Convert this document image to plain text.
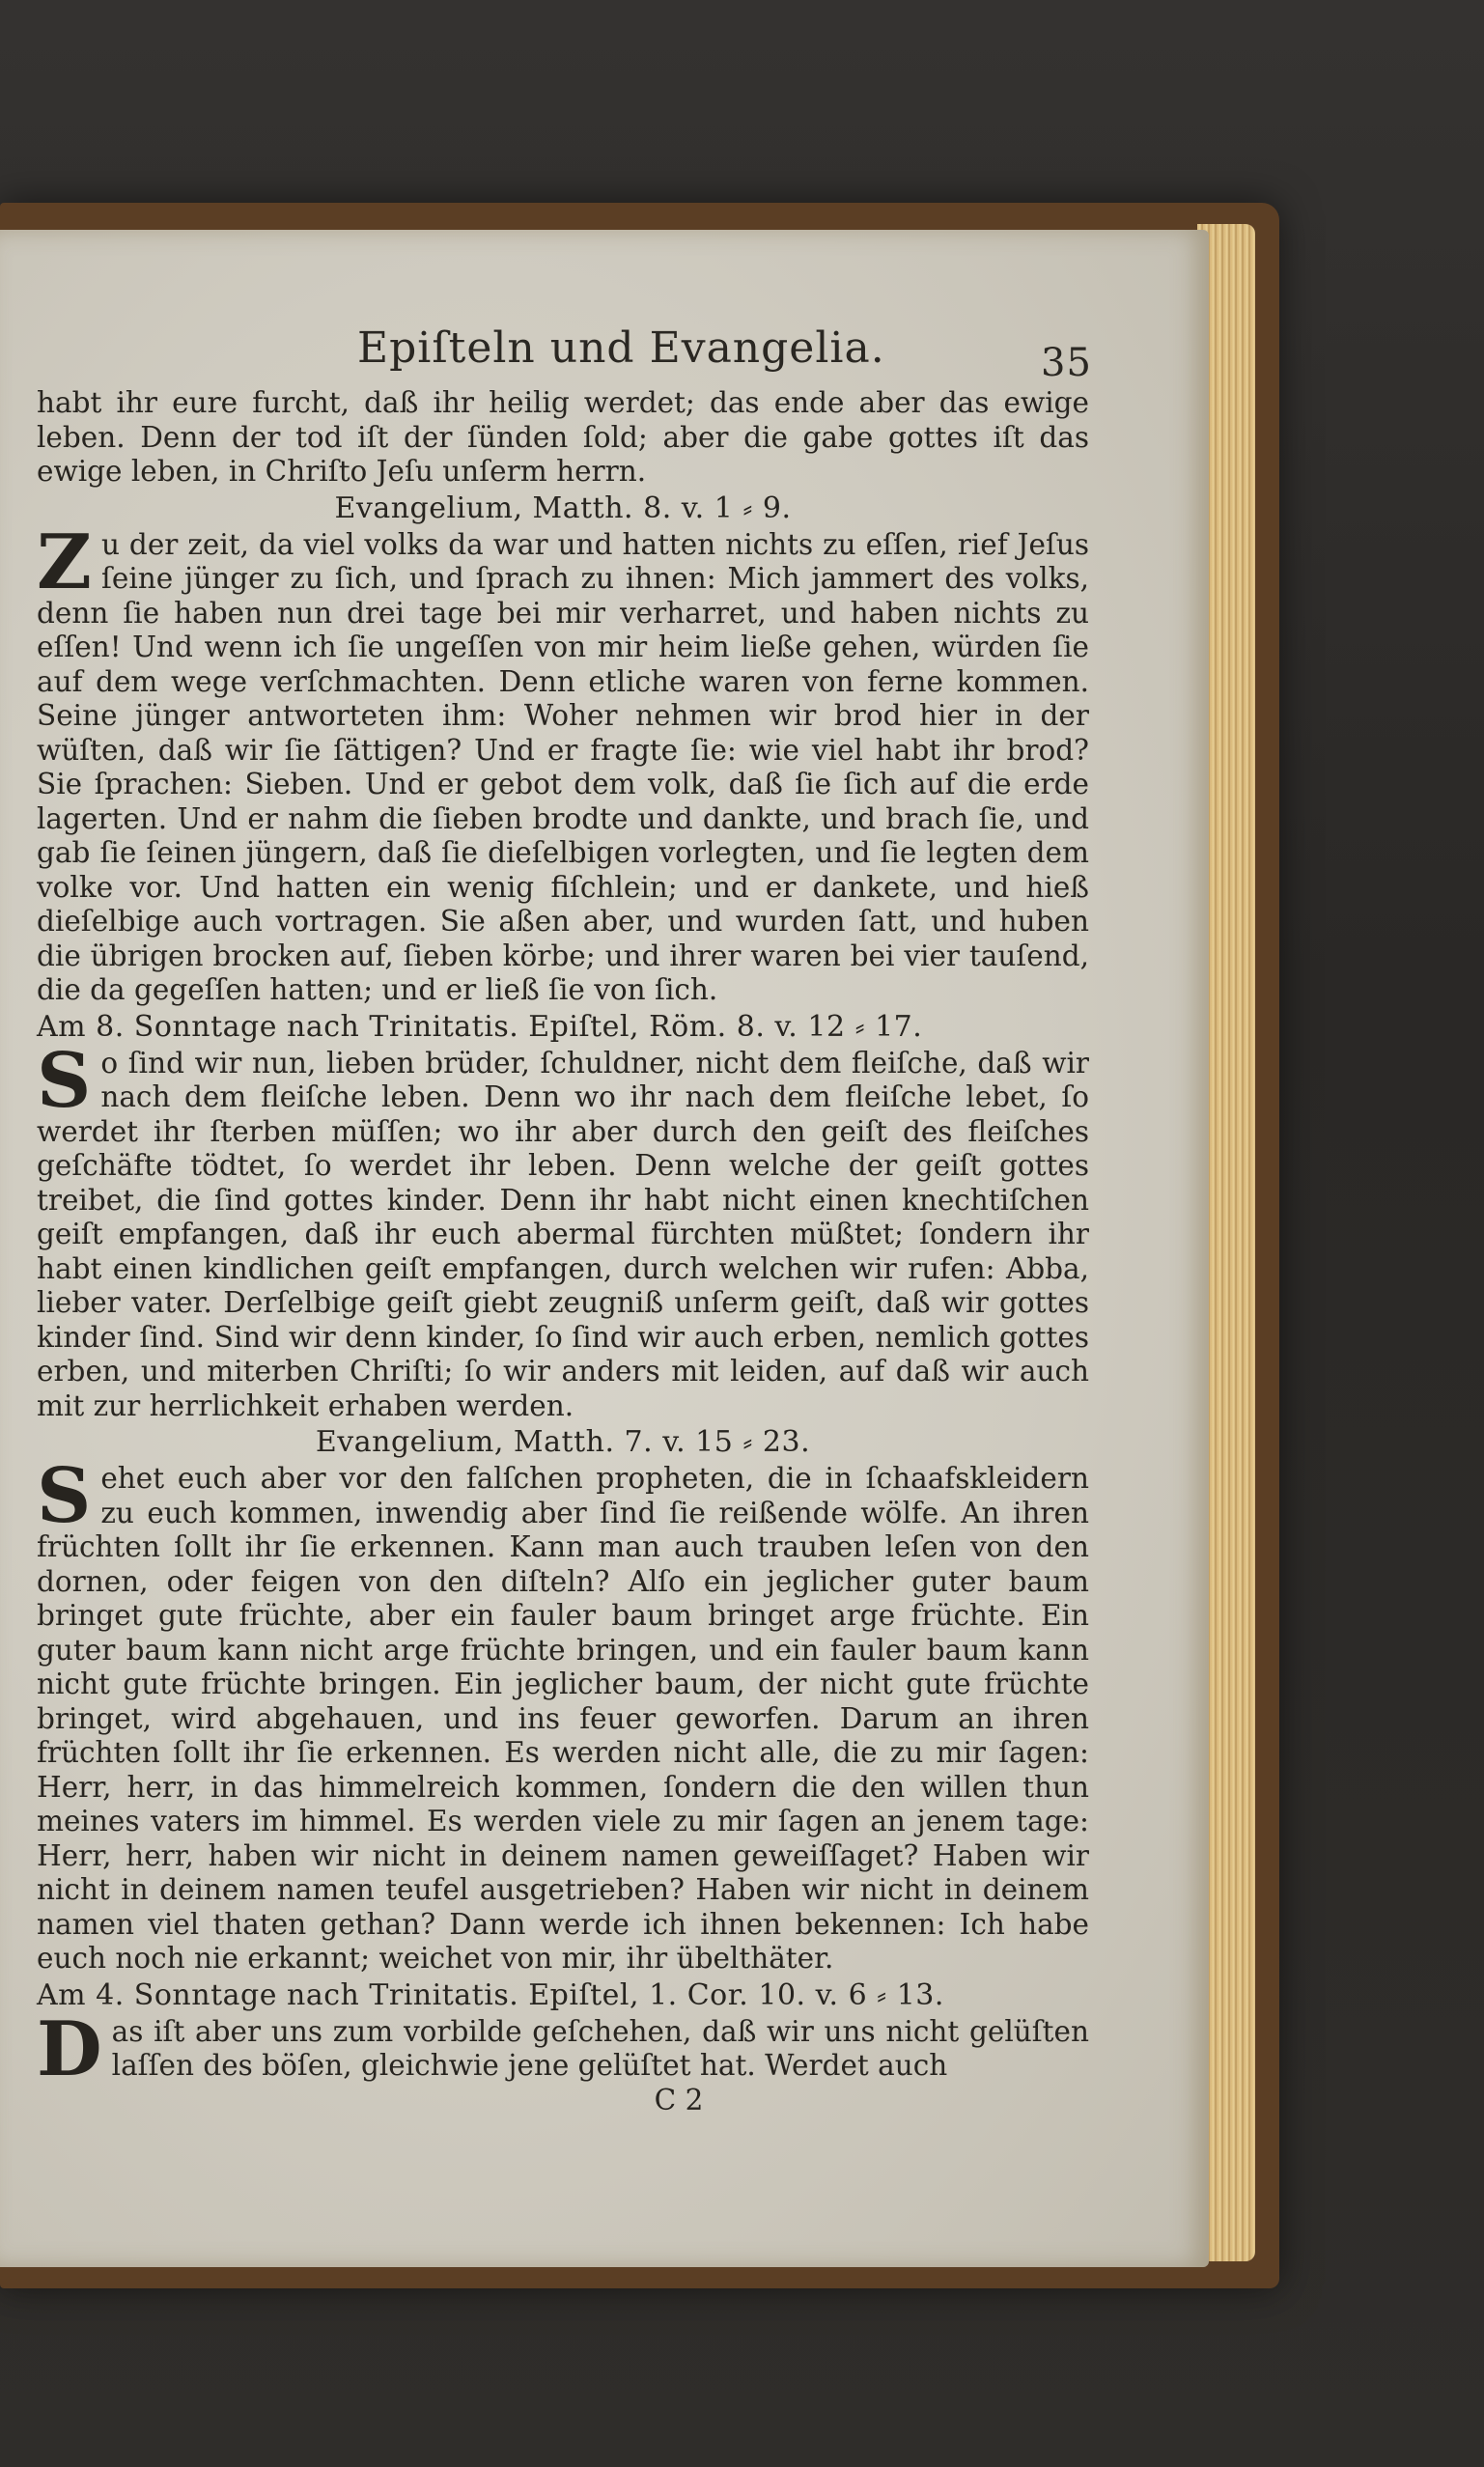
Epiſteln und Evangelia.	35

habt ihr eure furcht, daß ihr heilig werdet; das ende aber das ewige leben. Denn der tod iſt der ſünden ſold; aber die gabe gottes iſt das ewige leben, in Chriſto Jeſu unſerm herrn.

Evangelium, Matth. 8. v. 1 ⸗ 9.

Zu der zeit, da viel volks da war und hatten nichts zu eſſen, rief Jeſus ſeine jünger zu ſich, und ſprach zu ihnen: Mich jammert des volks, denn ſie haben nun drei tage bei mir verharret, und haben nichts zu eſſen! Und wenn ich ſie ungeſſen von mir heim ließe gehen, würden ſie auf dem wege verſchmachten. Denn etliche waren von ferne kommen. Seine jünger antworteten ihm: Woher nehmen wir brod hier in der wüſten, daß wir ſie ſättigen? Und er fragte ſie: wie viel habt ihr brod? Sie ſprachen: Sieben. Und er gebot dem volk, daß ſie ſich auf die erde lagerten. Und er nahm die ſieben brodte und dankte, und brach ſie, und gab ſie ſeinen jüngern, daß ſie dieſelbigen vorlegten, und ſie legten dem volke vor. Und hatten ein wenig fiſchlein; und er dankete, und hieß dieſelbige auch vortragen. Sie aßen aber, und wurden ſatt, und huben die übrigen brocken auf, ſieben körbe; und ihrer waren bei vier tauſend, die da gegeſſen hatten; und er ließ ſie von ſich.

Am 8. Sonntage nach Trinitatis. Epiſtel, Röm. 8. v. 12 ⸗ 17.

So ſind wir nun, lieben brüder, ſchuldner, nicht dem fleiſche, daß wir nach dem fleiſche leben. Denn wo ihr nach dem fleiſche lebet, ſo werdet ihr ſterben müſſen; wo ihr aber durch den geiſt des fleiſches geſchäfte tödtet, ſo werdet ihr leben. Denn welche der geiſt gottes treibet, die ſind gottes kinder. Denn ihr habt nicht einen knechtiſchen geiſt empfangen, daß ihr euch abermal fürchten müßtet; ſondern ihr habt einen kindlichen geiſt empfangen, durch welchen wir rufen: Abba, lieber vater. Derſelbige geiſt giebt zeugniß unſerm geiſt, daß wir gottes kinder ſind. Sind wir denn kinder, ſo ſind wir auch erben, nemlich gottes erben, und miterben Chriſti; ſo wir anders mit leiden, auf daß wir auch mit zur herrlichkeit erhaben werden.

Evangelium, Matth. 7. v. 15 ⸗ 23.

Sehet euch aber vor den falſchen propheten, die in ſchaafskleidern zu euch kommen, inwendig aber ſind ſie reißende wölfe. An ihren früchten ſollt ihr ſie erkennen. Kann man auch trauben leſen von den dornen, oder feigen von den diſteln? Alſo ein jeglicher guter baum bringet gute früchte, aber ein fauler baum bringet arge früchte. Ein guter baum kann nicht arge früchte bringen, und ein fauler baum kann nicht gute früchte bringen. Ein jeglicher baum, der nicht gute früchte bringet, wird abgehauen, und ins feuer geworfen. Darum an ihren früchten ſollt ihr ſie erkennen. Es werden nicht alle, die zu mir ſagen: Herr, herr, in das himmelreich kommen, ſondern die den willen thun meines vaters im himmel. Es werden viele zu mir ſagen an jenem tage: Herr, herr, haben wir nicht in deinem namen geweiſſaget? Haben wir nicht in deinem namen teufel ausgetrieben? Haben wir nicht in deinem namen viel thaten gethan? Dann werde ich ihnen bekennen: Ich habe euch noch nie erkannt; weichet von mir, ihr übelthäter.

Am 4. Sonntage nach Trinitatis. Epiſtel, 1. Cor. 10. v. 6 ⸗ 13.

Das iſt aber uns zum vorbilde geſchehen, daß wir uns nicht gelüſten laſſen des böſen, gleichwie jene gelüſtet hat. Werdet auch

C 2
